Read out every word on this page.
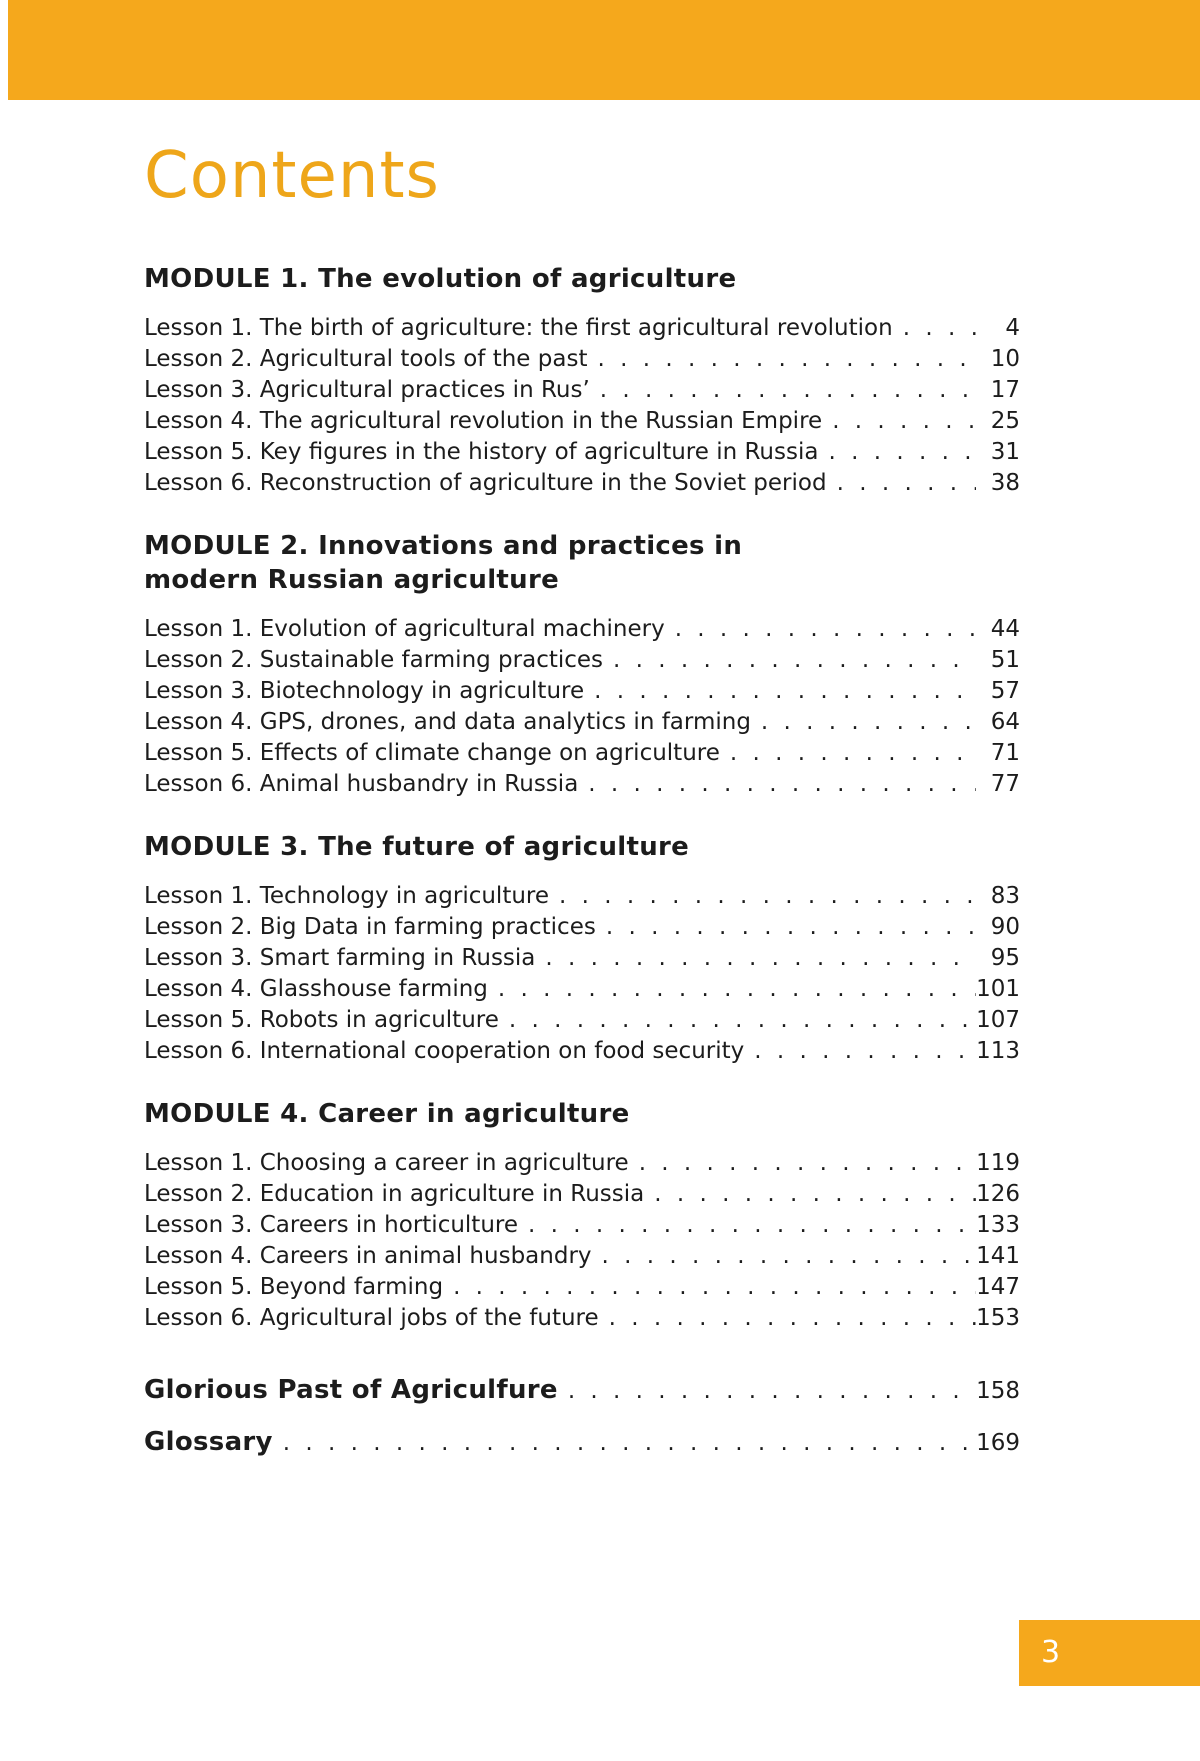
Contents
MODULE 1. The evolution of agriculture
Lesson 1. The birth of agriculture: the first agricultural revolution . . .	4
Lesson 2. Agricultural tools of the past . . .	10
Lesson 3. Agricultural practices in Rus’ . . .	17
Lesson 4. The agricultural revolution in the Russian Empire . . .	25
Lesson 5. Key figures in the history of agriculture in Russia . . .	31
Lesson 6. Reconstruction of agriculture in the Soviet period . . .	38
MODULE 2. Innovations and practices in modern Russian agriculture
Lesson 1. Evolution of agricultural machinery . . .	44
Lesson 2. Sustainable farming practices . . .	51
Lesson 3. Biotechnology in agriculture . . .	57
Lesson 4. GPS, drones, and data analytics in farming . . .	64
Lesson 5. Effects of climate change on agriculture . . .	71
Lesson 6. Animal husbandry in Russia . . .	77
MODULE 3. The future of agriculture
Lesson 1. Technology in agriculture . . .	83
Lesson 2. Big Data in farming practices . . .	90
Lesson 3. Smart farming in Russia . . .	95
Lesson 4. Glasshouse farming . . .	101
Lesson 5. Robots in agriculture . . .	107
Lesson 6. International cooperation on food security . . .	113
MODULE 4. Career in agriculture
Lesson 1. Choosing a career in agriculture . . .	119
Lesson 2. Education in agriculture in Russia . . .	126
Lesson 3. Careers in horticulture . . .	133
Lesson 4. Careers in animal husbandry . . .	141
Lesson 5. Beyond farming . . .	147
Lesson 6. Agricultural jobs of the future . . .	153
Glorious Past of Agriculfure . . .	158
Glossary . . .	169
3
